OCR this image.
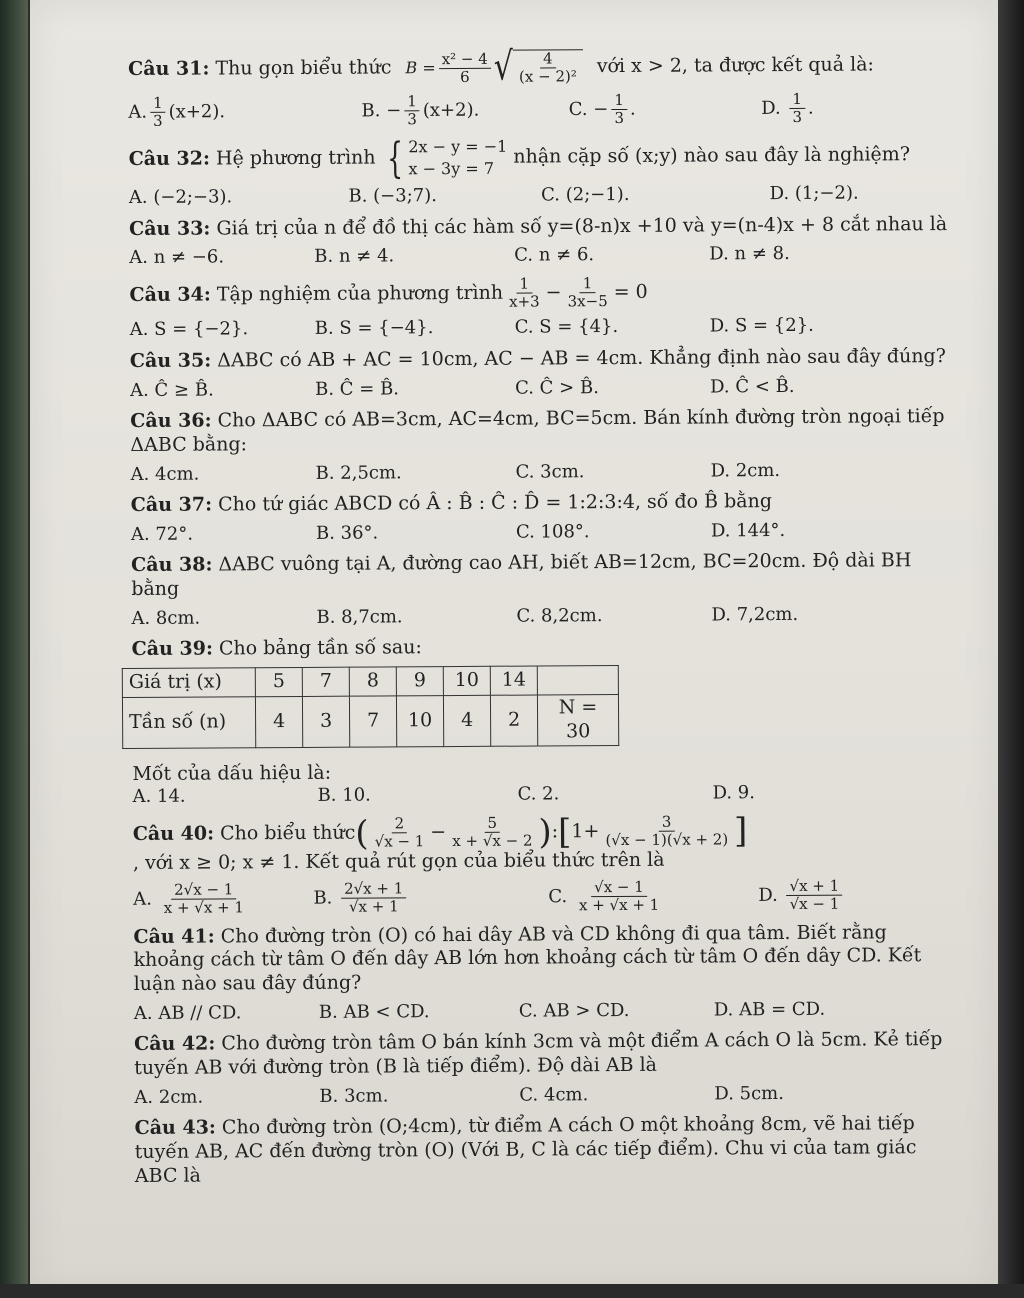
Câu 31: Thu gọn biểu thức $B = \frac{\text{x² − 4}}{6}$ √ $\frac{4}{\text{(x − 2)²}}$ với x > 2, ta được kết quả là:
A. $\frac{1}{3} (x+2)$.	B. − $\frac{1}{3} (x+2)$.	C. − $\frac{1}{3}$ .	D. $\frac{1}{3}$ .
Câu 32: Hệ phương trình { 2x − y = −1
x − 3y = 7
nhận cặp số (x;y) nào sau đây là nghiệm?
A. (−2;−3).	B. (−3;7).	C. (2;−1).	D. (1;−2).
Câu 33: Giá trị của n để đồ thị các hàm số y=(8-n)x +10 và y=(n-4)x + 8 cắt nhau là
A. n ≠ −6.	B. n ≠ 4.	C. n ≠ 6.	D. n ≠ 8.
Câu 34: Tập nghiệm của phương trình $\frac{1}{x+3} - \frac{1}{3x-5} = 0$
A. S = {−2}.	B. S = {−4}.	C. S = {4}.	D. S = {2}.
Câu 35: ΔABC có AB + AC = 10cm, AC − AB = 4cm. Khẳng định nào sau đây đúng?
A. Ĉ ≥ B̂.	B. Ĉ = B̂.	C. Ĉ > B̂.	D. Ĉ < B̂.
Câu 36: Cho ΔABC có AB=3cm, AC=4cm, BC=5cm. Bán kính đường tròn ngoại tiếp ΔABC bằng:
A. 4cm.	B. 2,5cm.	C. 3cm.	D. 2cm.
Câu 37: Cho tứ giác ABCD có Â : B̂ : Ĉ : D̂ = 1:2:3:4, số đo B̂ bằng
A. 72°.	B. 36°.	C. 108°.	D. 144°.
Câu 38: ΔABC vuông tại A, đường cao AH, biết AB=12cm, BC=20cm. Độ dài BH bằng
A. 8cm.	B. 8,7cm.	C. 8,2cm.	D. 7,2cm.
Câu 39: Cho bảng tần số sau:
Giá trị (x)	5	7	8	9	10	14	
Tần số (n)	4	3	7	10	4	2	N = 30
Mốt của dấu hiệu là:
A. 14.	B. 10.	C. 2.	D. 9.
Câu 40: Cho biểu thức ( $\frac{2}{√x - 1} - \frac{5}{x + √x - 2}$ ) : [ $1+ \frac{3}{(√x - 1)(√x + 2)}$ ]
, với x ≥ 0; x ≠ 1. Kết quả rút gọn của biểu thức trên là
A. $\frac{2√x - 1}{x + √x + 1}$	B. $\frac{2√x + 1}{√x + 1}$	C. $\frac{√x - 1}{x + √x + 1}$	D. $\frac{√x + 1}{√x - 1}$
Câu 41: Cho đường tròn (O) có hai dây AB và CD không đi qua tâm. Biết rằng khoảng cách từ tâm O đến dây AB lớn hơn khoảng cách từ tâm O đến dây CD. Kết luận nào sau đây đúng?
A. AB // CD.	B. AB < CD.	C. AB > CD.	D. AB = CD.
Câu 42: Cho đường tròn tâm O bán kính 3cm và một điểm A cách O là 5cm. Kẻ tiếp tuyến AB với đường tròn (B là tiếp điểm). Độ dài AB là
A. 2cm.	B. 3cm.	C. 4cm.	D. 5cm.
Câu 43: Cho đường tròn (O;4cm), từ điểm A cách O một khoảng 8cm, vẽ hai tiếp tuyến AB, AC đến đường tròn (O) (Với B, C là các tiếp điểm). Chu vi của tam giác ABC là
